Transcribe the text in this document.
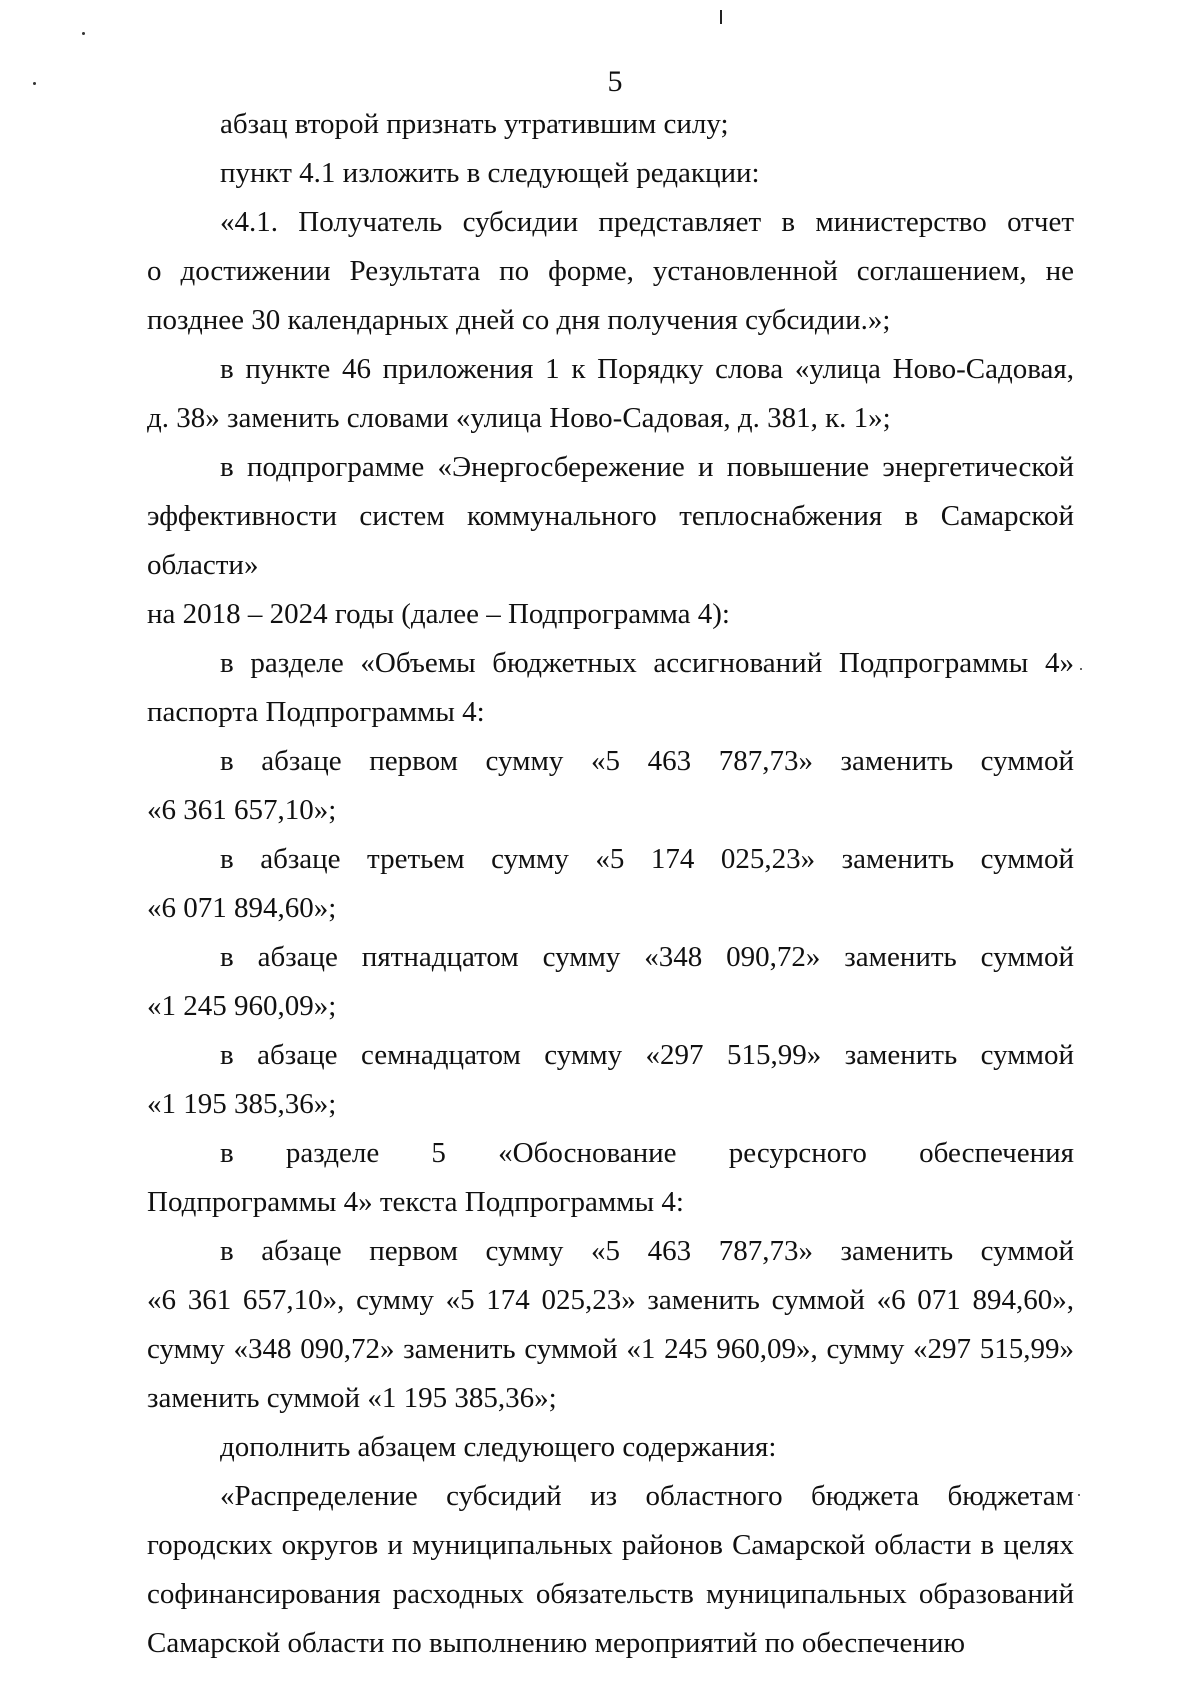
5
абзац второй признать утратившим силу;
пункт 4.1 изложить в следующей редакции:
«4.1. Получатель субсидии представляет в министерство отчет
о достижении Результата по форме, установленной соглашением, не
позднее 30 календарных дней со дня получения субсидии.»;
в пункте 46 приложения 1 к Порядку слова «улица Ново-Садовая,
д. 38» заменить словами «улица Ново-Садовая, д. 381, к. 1»;
в подпрограмме «Энергосбережение и повышение энергетической
эффективности систем коммунального теплоснабжения в Самарской области»
на 2018 – 2024 годы (далее – Подпрограмма 4):
в разделе «Объемы бюджетных ассигнований Подпрограммы 4»
паспорта Подпрограммы 4:
в абзаце первом сумму «5 463 787,73» заменить суммой
«6 361 657,10»;
в абзаце третьем сумму «5 174 025,23» заменить суммой
«6 071 894,60»;
в абзаце пятнадцатом сумму «348 090,72» заменить суммой
«1 245 960,09»;
в абзаце семнадцатом сумму «297 515,99» заменить суммой
«1 195 385,36»;
в разделе 5 «Обоснование ресурсного обеспечения
Подпрограммы 4» текста Подпрограммы 4:
в абзаце первом сумму «5 463 787,73» заменить суммой
«6 361 657,10», сумму «5 174 025,23» заменить суммой «6 071 894,60»,
сумму «348 090,72» заменить суммой «1 245 960,09», сумму «297 515,99»
заменить суммой «1 195 385,36»;
дополнить абзацем следующего содержания:
«Распределение субсидий из областного бюджета бюджетам
городских округов и муниципальных районов Самарской области в целях
софинансирования расходных обязательств муниципальных образований
Самарской области по выполнению мероприятий по обеспечению
